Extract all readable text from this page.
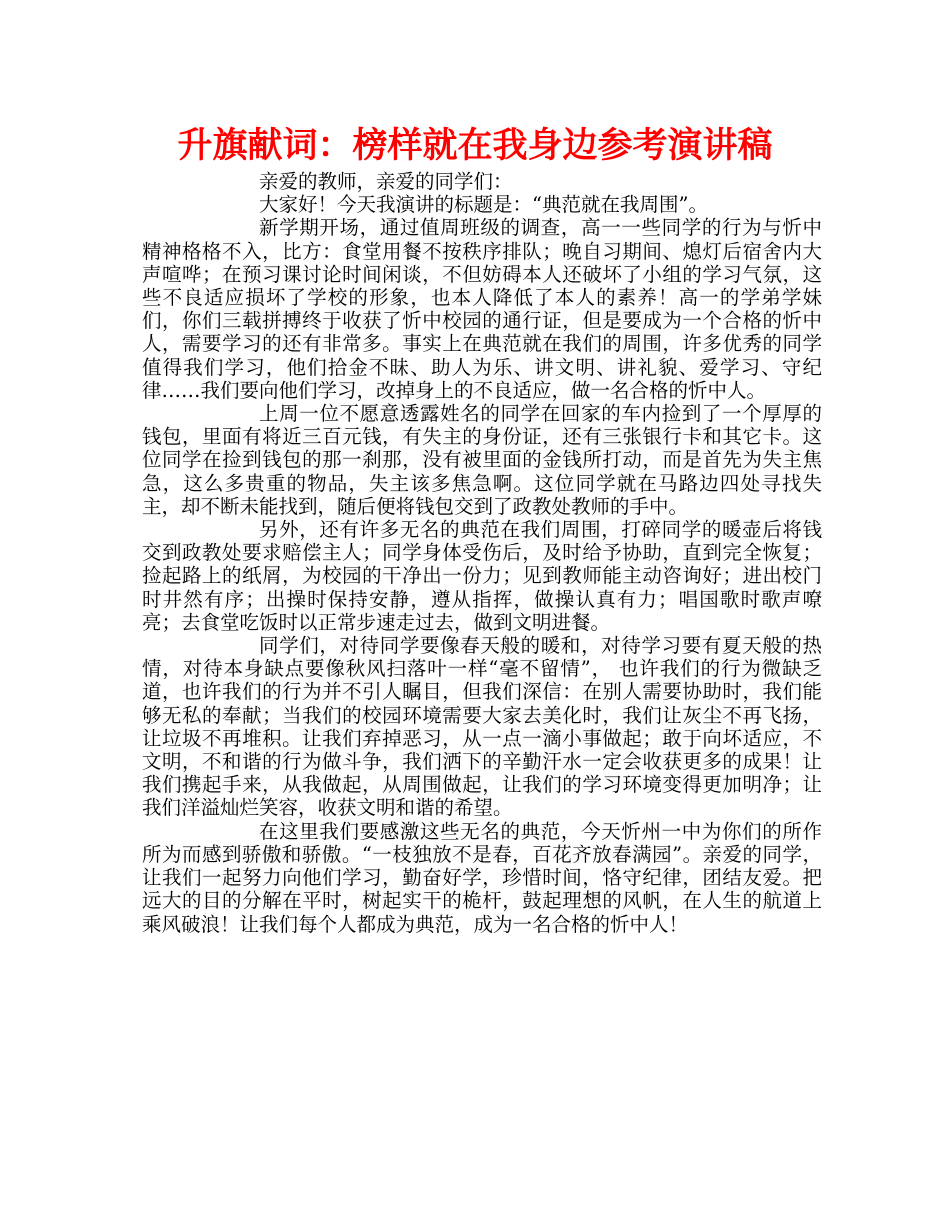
升旗献词：榜样就在我身边参考演讲稿

亲爱的教师，亲爱的同学们：

大家好！今天我演讲的标题是：“典范就在我周围”。

新学期开场，通过值周班级的调查，高一一些同学的行为与忻中精神格格不入，比方：食堂用餐不按秩序排队；晚自习期间、熄灯后宿舍内大声喧哗；在预习课讨论时间闲谈，不但妨碍本人还破坏了小组的学习气氛，这些不良适应损坏了学校的形象，也本人降低了本人的素养！高一的学弟学妹们，你们三载拼搏终于收获了忻中校园的通行证，但是要成为一个合格的忻中人，需要学习的还有非常多。事实上在典范就在我们的周围，许多优秀的同学值得我们学习，他们拾金不昧、助人为乐、讲文明、讲礼貌、爱学习、守纪律……我们要向他们学习，改掉身上的不良适应，做一名合格的忻中人。

上周一位不愿意透露姓名的同学在回家的车内捡到了一个厚厚的钱包，里面有将近三百元钱，有失主的身份证，还有三张银行卡和其它卡。这位同学在捡到钱包的那一刹那，没有被里面的金钱所打动，而是首先为失主焦急，这么多贵重的物品，失主该多焦急啊。这位同学就在马路边四处寻找失主，却不断未能找到，随后便将钱包交到了政教处教师的手中。

另外，还有许多无名的典范在我们周围，打碎同学的暖壶后将钱交到政教处要求赔偿主人；同学身体受伤后，及时给予协助，直到完全恢复；捡起路上的纸屑，为校园的干净出一份力；见到教师能主动咨询好；进出校门时井然有序；出操时保持安静，遵从指挥，做操认真有力；唱国歌时歌声嘹亮；去食堂吃饭时以正常步速走过去，做到文明进餐。

同学们，对待同学要像春天般的暖和，对待学习要有夏天般的热情，对待本身缺点要像秋风扫落叶一样“毫不留情”， 也许我们的行为微缺乏道，也许我们的行为并不引人瞩目，但我们深信：在别人需要协助时，我们能够无私的奉献；当我们的校园环境需要大家去美化时，我们让灰尘不再飞扬，让垃圾不再堆积。让我们弃掉恶习，从一点一滴小事做起；敢于向坏适应，不文明，不和谐的行为做斗争，我们洒下的辛勤汗水一定会收获更多的成果！让我们携起手来，从我做起，从周围做起，让我们的学习环境变得更加明净；让我们洋溢灿烂笑容，收获文明和谐的希望。

在这里我们要感激这些无名的典范，今天忻州一中为你们的所作所为而感到骄傲和骄傲。“一枝独放不是春，百花齐放春满园”。亲爱的同学，让我们一起努力向他们学习，勤奋好学，珍惜时间，恪守纪律，团结友爱。把远大的目的分解在平时，树起实干的桅杆，鼓起理想的风帆，在人生的航道上乘风破浪！让我们每个人都成为典范，成为一名合格的忻中人！
